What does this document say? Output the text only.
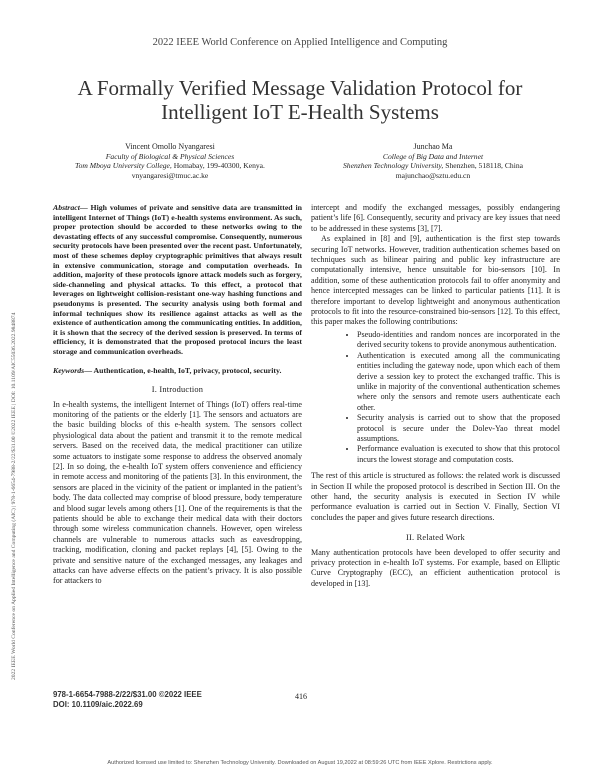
2022 IEEE World Conference on Applied Intelligence and Computing
A Formally Verified Message Validation Protocol for
Intelligent IoT E-Health Systems
2022 IEEE World Conference on Applied Intelligence and Computing (AIC) | 978-1-6654-7988-2/22/$31.00 ©2022 IEEE | DOI: 10.1109/AIC55036.2022.9848874
Vincent Omollo Nyangaresi
Faculty of Biological & Physical Sciences
Tom Mboya University College, Homabay, 199-40300, Kenya.
vnyangaresi@tmuc.ac.ke
Junchao Ma
College of Big Data and Internet
Shenzhen Technology University, Shenzhen, 518118, China
majunchao@sztu.edu.cn

Abstract— High volumes of private and sensitive data are transmitted in intelligent Internet of Things (IoT) e-health systems environment. As such, proper protection should be accorded to these networks owing to the devastating effects of any successful compromise. Consequently, numerous security protocols have been presented over the recent past. Unfortunately, most of these schemes deploy cryptographic primitives that always result in extensive communication, storage and computation overheads. In addition, majority of these protocols ignore attack models such as forgery, side-channeling and physical attacks. To this effect, a protocol that leverages on lightweight collision-resistant one-way hashing functions and pseudonyms is presented. The security analysis using both formal and informal techniques show its resilience against attacks as well as the existence of authentication among the communicating entities. In addition, it is shown that the secrecy of the derived session is preserved. In terms of efficiency, it is demonstrated that the proposed protocol incurs the least storage and communication overheads.

Keywords— Authentication, e-health, IoT, privacy, protocol, security.

I. Introduction

In e-health systems, the intelligent Internet of Things (IoT) offers real-time monitoring of the patients or the elderly [1]. The sensors and actuators are the basic building blocks of this e-health system. The sensors collect physiological data about the patient and transmit it to the remote medical servers. Based on the received data, the medical practitioner can utilize some actuators to instigate some response to address the observed anomaly [2]. In so doing, the e-health IoT system offers convenience and efficiency in remote access and monitoring of the patients [3]. In this environment, the sensors are placed in the vicinity of the patient or implanted in the patient’s body. The data collected may comprise of blood pressure, body temperature and blood sugar levels among others [1]. One of the requirements is that the patients should be able to exchange their medical data with their doctors through some wireless communication channels. However, open wireless channels are vulnerable to numerous attacks such as eavesdropping, tracking, modification, cloning and packet replays [4], [5]. Owing to the private and sensitive nature of the exchanged messages, any leakages and attacks can have adverse effects on the patient’s privacy. It is also possible for attackers to

intercept and modify the exchanged messages, possibly endangering patient’s life [6]. Consequently, security and privacy are key issues that need to be addressed in these systems [3], [7].

As explained in [8] and [9], authentication is the first step towards securing IoT networks. However, tradition authentication schemes based on techniques such as bilinear pairing and public key infrastructure are computationally intensive, hence unsuitable for bio-sensors [10]. In addition, some of these authentication protocols fail to offer anonymity and hence intercepted messages can be linked to particular patients [11]. It is therefore important to develop lightweight and anonymous authentication protocols to fit into the resource-constrained bio-sensors [12]. To this effect, this paper makes the following contributions:

• Pseudo-identities and random nonces are incorporated in the derived security tokens to provide anonymous authentication.
• Authentication is executed among all the communicating entities including the gateway node, upon which each of them derive a session key to protect the exchanged traffic. This is unlike in majority of the conventional authentication schemes where only the sensors and remote users authenticate each other.
• Security analysis is carried out to show that the proposed protocol is secure under the Dolev-Yao threat model assumptions.
• Performance evaluation is executed to show that this protocol incurs the lowest storage and computation costs.

The rest of this article is structured as follows: the related work is discussed in Section II while the proposed protocol is described in Section III. On the other hand, the security analysis is executed in Section IV while performance evaluation is carried out in Section V. Finally, Section VI concludes the paper and gives future research directions.

II. Related Work

Many authentication protocols have been developed to offer security and privacy protection in e-health IoT systems. For example, based on Elliptic Curve Cryptography (ECC), an efficient authentication protocol is developed in [13].

978-1-6654-7988-2/22/$31.00 ©2022 IEEE
DOI: 10.1109/aic.2022.69
416
Authorized licensed use limited to: Shenzhen Technology University. Downloaded on August 19,2022 at 08:59:26 UTC from IEEE Xplore. Restrictions apply.
